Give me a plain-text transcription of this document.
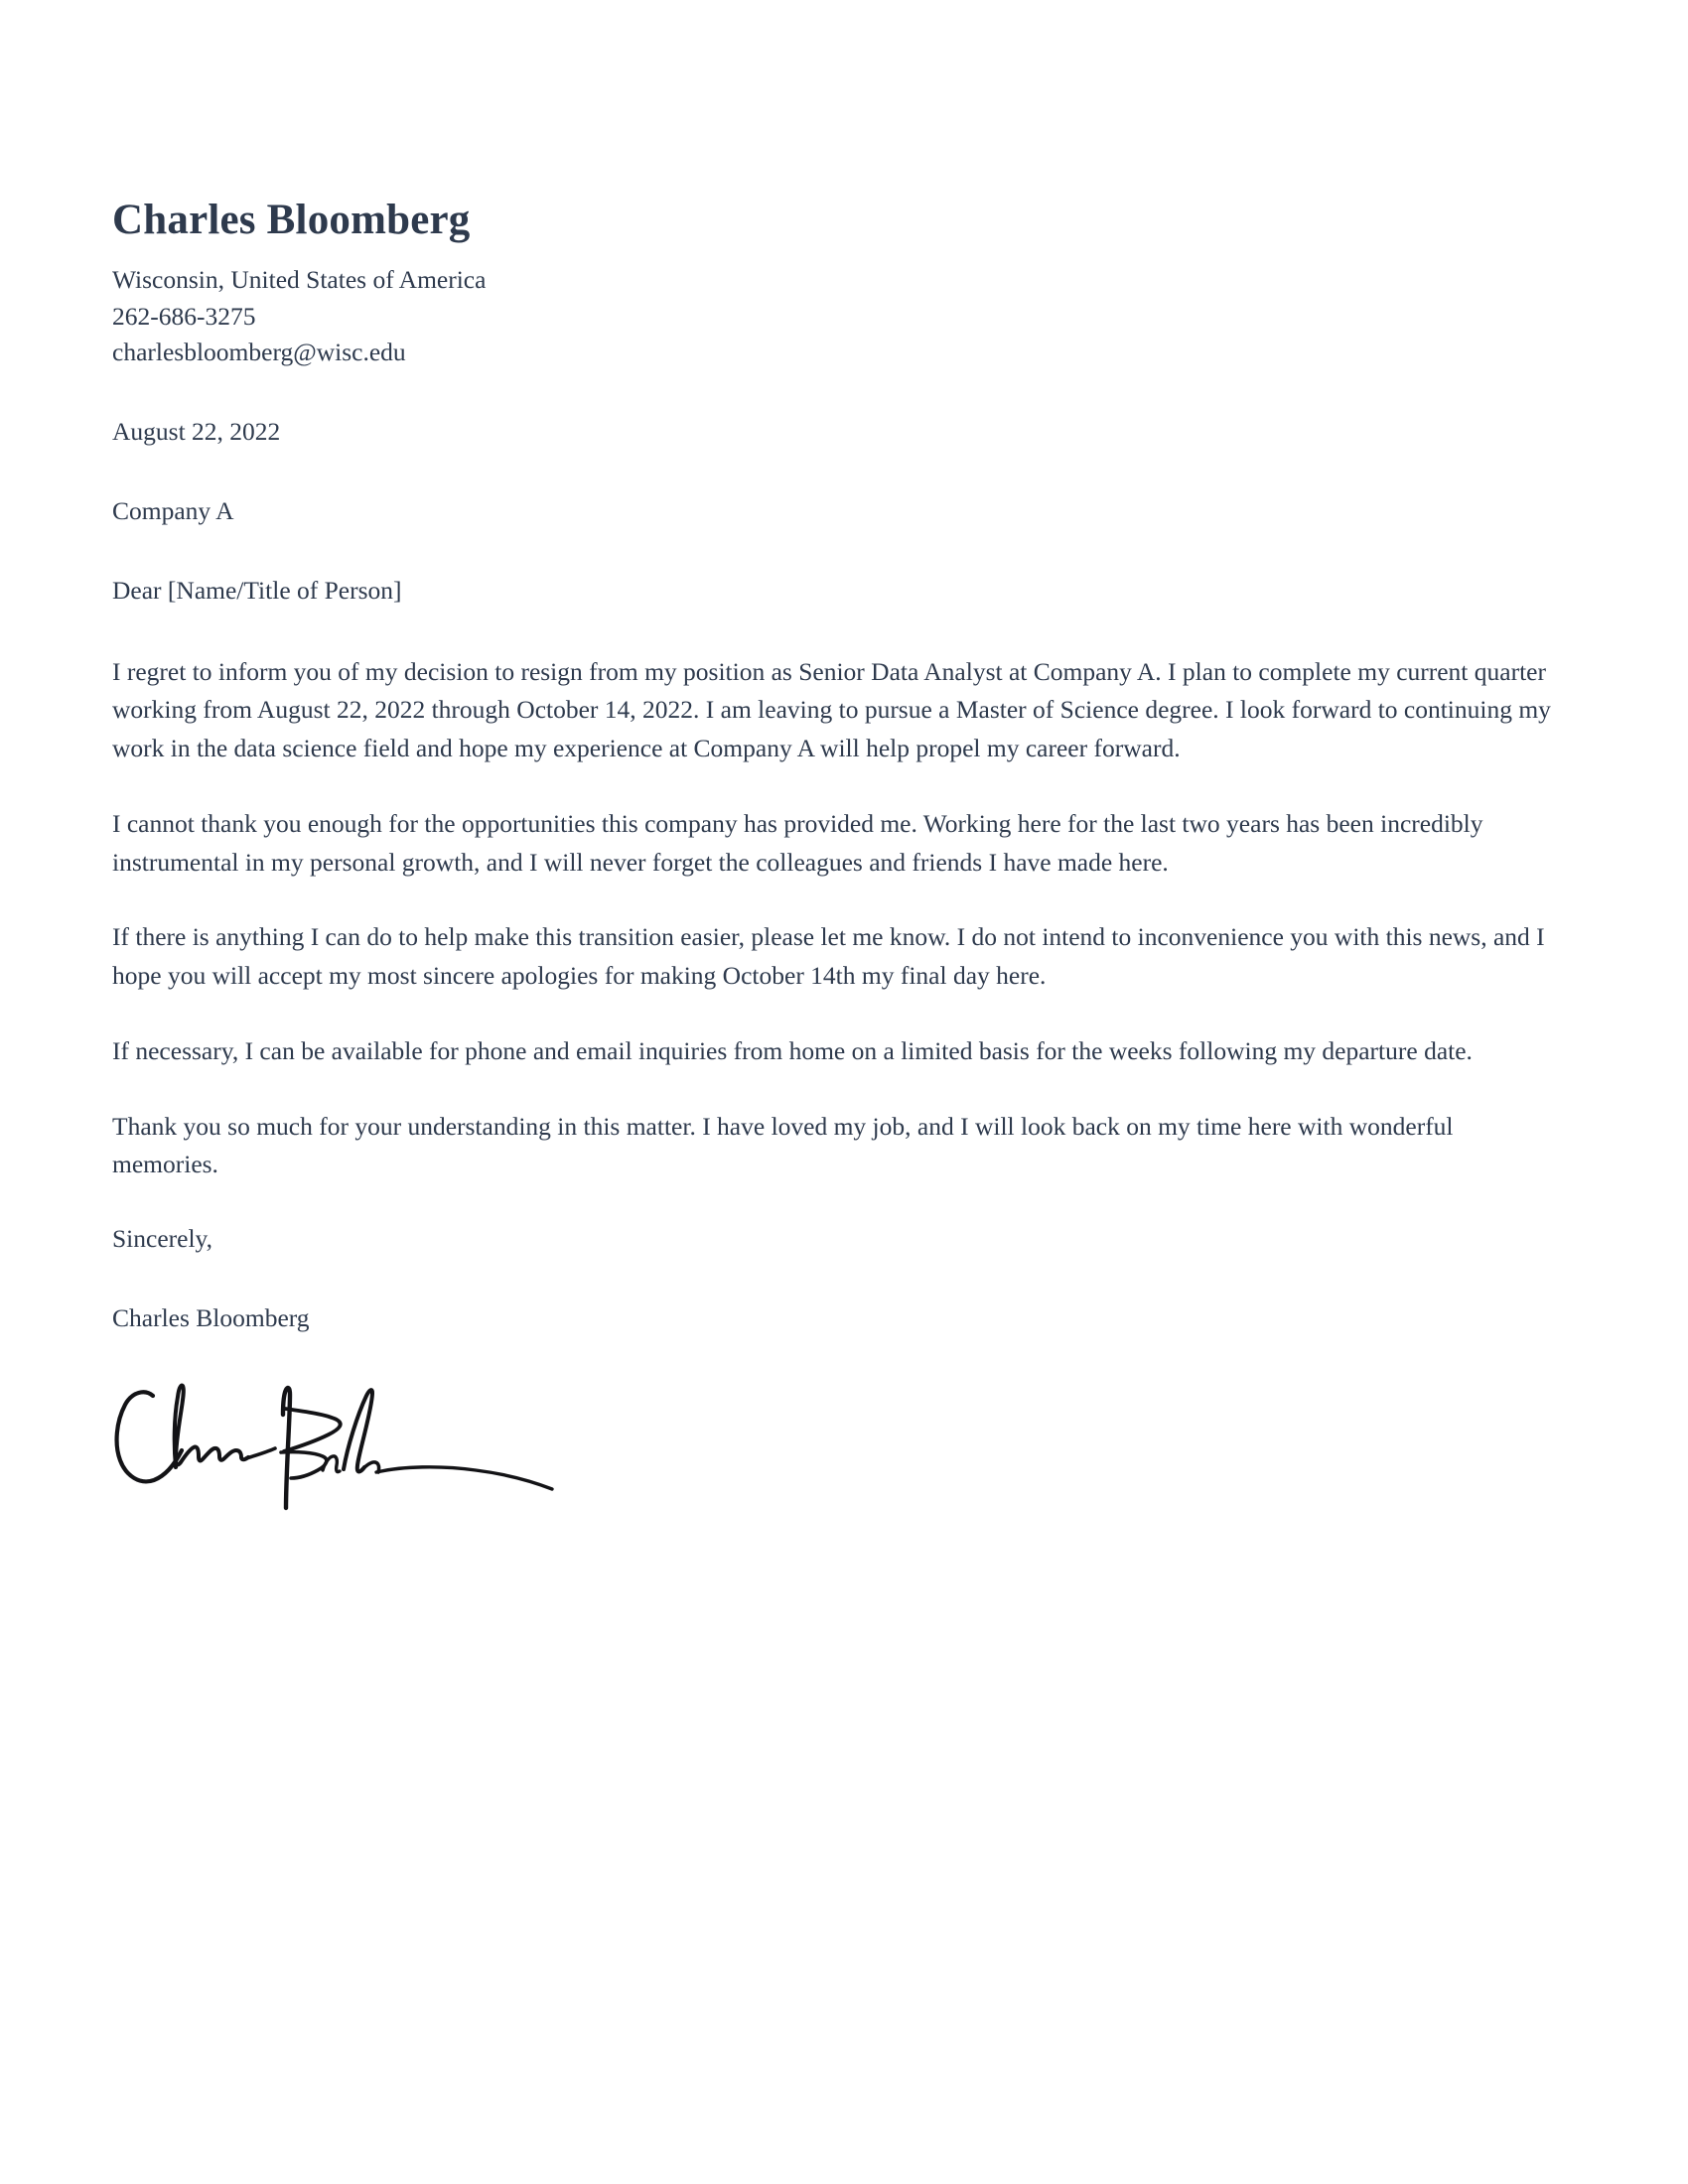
Charles Bloomberg

Wisconsin, United States of America

262-686-3275

charlesbloomberg@wisc.edu

August 22, 2022

Company A

Dear [Name/Title of Person]

I regret to inform you of my decision to resign from my position as Senior Data Analyst at Company A. I plan to complete my current quarter working from August 22, 2022 through October 14, 2022. I am leaving to pursue a Master of Science degree. I look forward to continuing my work in the data science field and hope my experience at Company A will help propel my career forward.

I cannot thank you enough for the opportunities this company has provided me. Working here for the last two years has been incredibly instrumental in my personal growth, and I will never forget the colleagues and friends I have made here.

If there is anything I can do to help make this transition easier, please let me know. I do not intend to inconvenience you with this news, and I hope you will accept my most sincere apologies for making October 14th my final day here.

If necessary, I can be available for phone and email inquiries from home on a limited basis for the weeks following my departure date.

Thank you so much for your understanding in this matter. I have loved my job, and I will look back on my time here with wonderful memories.

Sincerely,

Charles Bloomberg
